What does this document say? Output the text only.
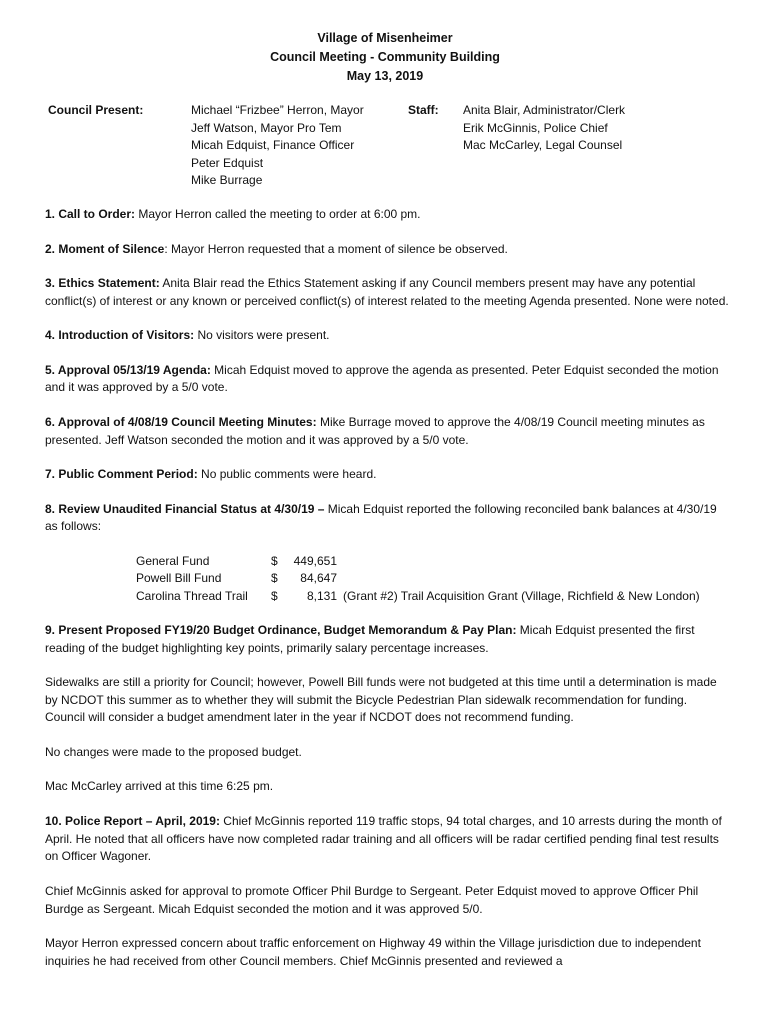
Village of Misenheimer
Council Meeting - Community Building
May 13, 2019
Council Present:	Michael “Frizbee” Herron, Mayor
Jeff Watson, Mayor Pro Tem
Micah Edquist, Finance Officer
Peter Edquist
Mike Burrage
Staff: Anita Blair, Administrator/Clerk
Erik McGinnis, Police Chief
Mac McCarley, Legal Counsel

1. Call to Order: Mayor Herron called the meeting to order at 6:00 pm.

2. Moment of Silence: Mayor Herron requested that a moment of silence be observed.

3. Ethics Statement: Anita Blair read the Ethics Statement asking if any Council members present may have any potential conflict(s) of interest or any known or perceived conflict(s) of interest related to the meeting Agenda presented. None were noted.

4. Introduction of Visitors: No visitors were present.

5. Approval 05/13/19 Agenda: Micah Edquist moved to approve the agenda as presented. Peter Edquist seconded the motion and it was approved by a 5/0 vote.

6. Approval of 4/08/19 Council Meeting Minutes: Mike Burrage moved to approve the 4/08/19 Council meeting minutes as presented. Jeff Watson seconded the motion and it was approved by a 5/0 vote.

7. Public Comment Period: No public comments were heard.

8. Review Unaudited Financial Status at 4/30/19 – Micah Edquist reported the following reconciled bank balances at 4/30/19 as follows:

General Fund	$	449,651
Powell Bill Fund	$	84,647
Carolina Thread Trail	$	8,131 (Grant #2) Trail Acquisition Grant (Village, Richfield & New London)

9. Present Proposed FY19/20 Budget Ordinance, Budget Memorandum & Pay Plan: Micah Edquist presented the first reading of the budget highlighting key points, primarily salary percentage increases.

Sidewalks are still a priority for Council; however, Powell Bill funds were not budgeted at this time until a determination is made by NCDOT this summer as to whether they will submit the Bicycle Pedestrian Plan sidewalk recommendation for funding. Council will consider a budget amendment later in the year if NCDOT does not recommend funding.

No changes were made to the proposed budget.

Mac McCarley arrived at this time 6:25 pm.

10. Police Report – April, 2019: Chief McGinnis reported 119 traffic stops, 94 total charges, and 10 arrests during the month of April. He noted that all officers have now completed radar training and all officers will be radar certified pending final test results on Officer Wagoner.

Chief McGinnis asked for approval to promote Officer Phil Burdge to Sergeant. Peter Edquist moved to approve Officer Phil Burdge as Sergeant. Micah Edquist seconded the motion and it was approved 5/0.

Mayor Herron expressed concern about traffic enforcement on Highway 49 within the Village jurisdiction due to independent inquiries he had received from other Council members. Chief McGinnis presented and reviewed a
